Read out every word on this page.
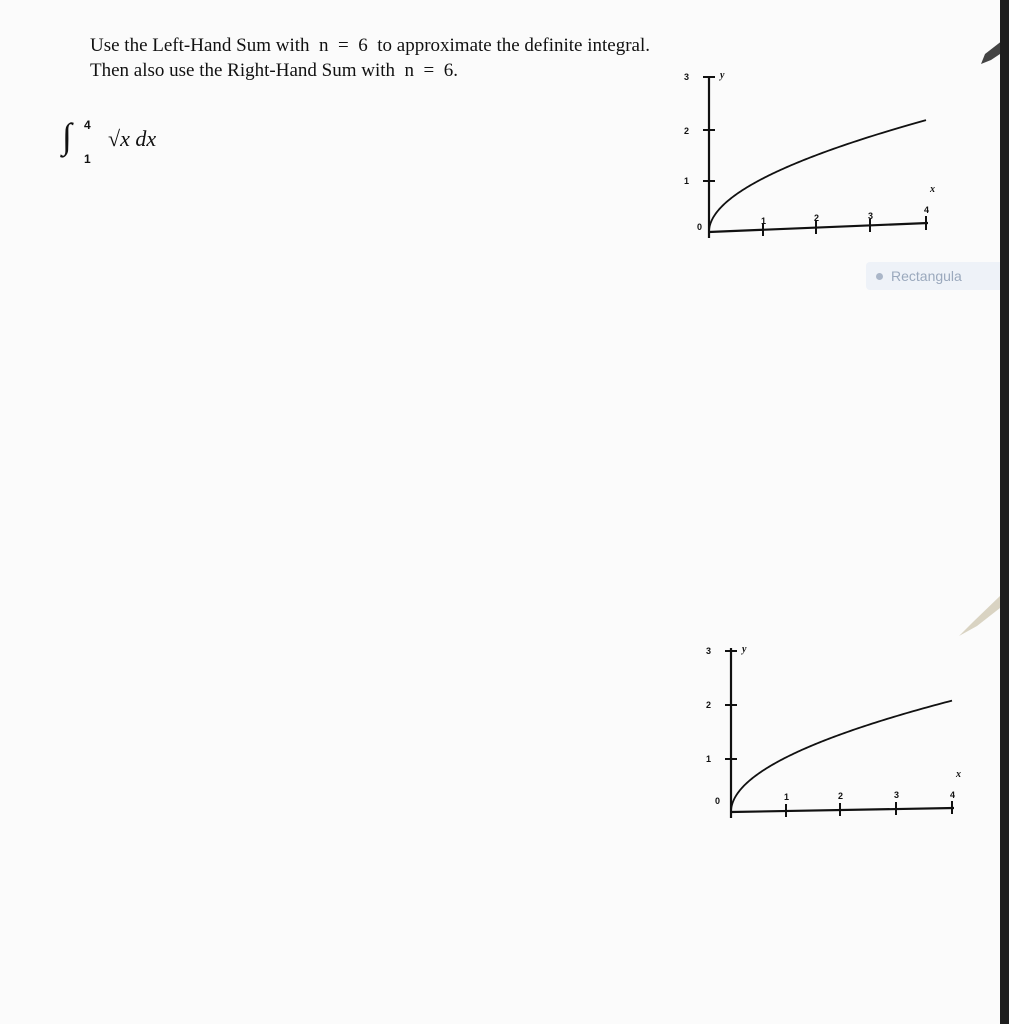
Use the Left-Hand Sum with  n  =  6  to approximate the definite integral.
Then also use the Right-Hand Sum with  n  =  6.
∫ 4
1
√x dx
3
2
1
0
1	2	3
4
y
x
3
2
1
0	1	2	3	4
y
x
Rectangula
